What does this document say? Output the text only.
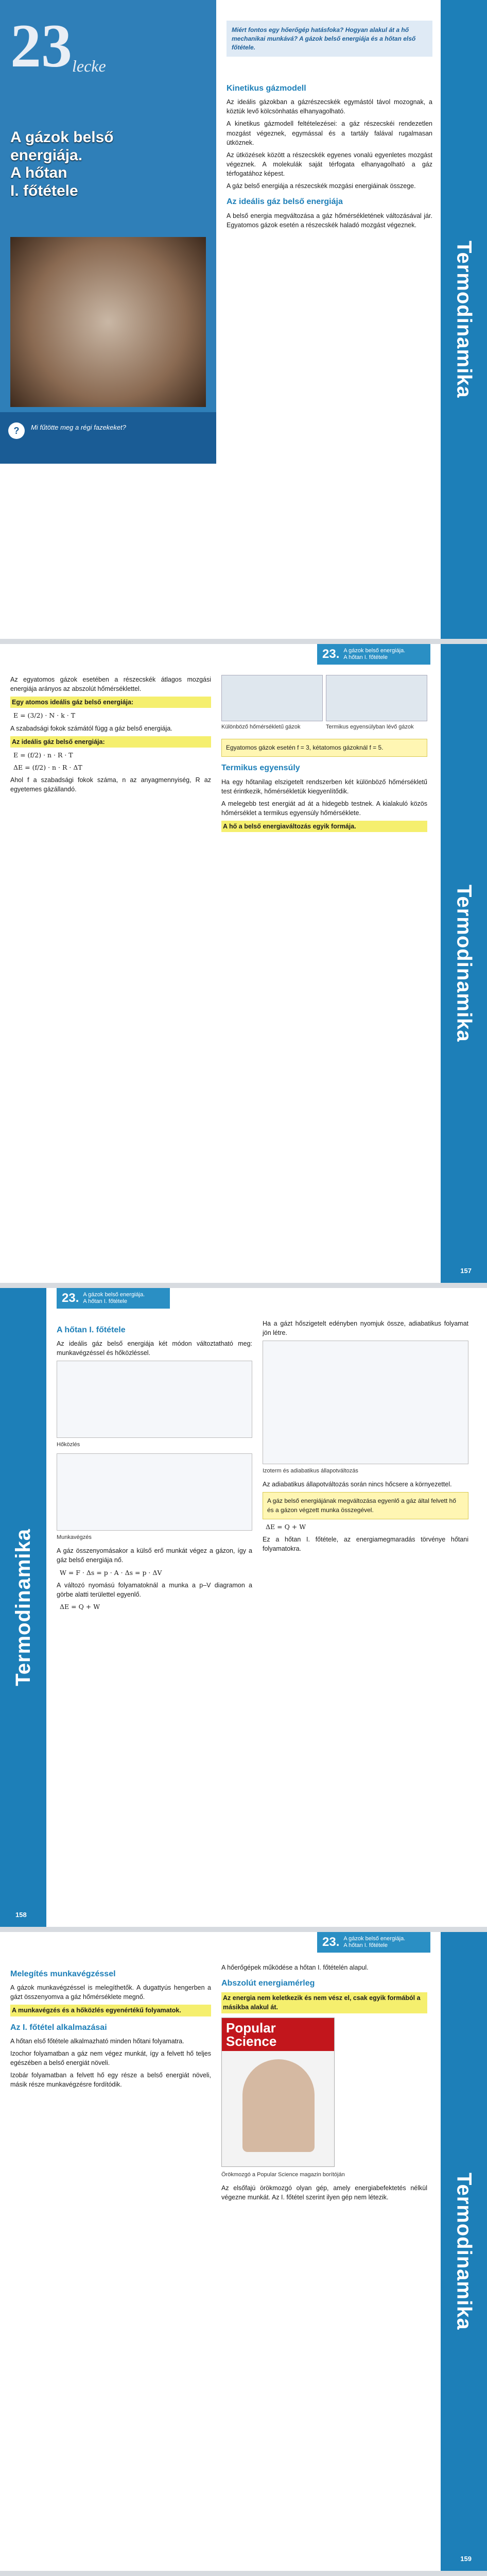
23 lecke
A gázok belső
energiája.
A hőtan
I. főtétele
?	Mi fűtötte meg a régi fazekeket?
Miért fontos egy hőerőgép hatásfoka? Hogyan alakul át a hő mechanikai munkává? A gázok belső energiája és a hőtan első főtétele.
Kinetikus gázmodell

Az ideális gázokban a gázrészecskék egymástól távol mozognak, a köztük levő kölcsönhatás elhanyagolható.

A kinetikus gázmodell feltételezései: a gáz részecskéi rendezetlen mozgást végeznek, egymással és a tartály falával rugalmasan ütköznek.

Az ütközések között a részecskék egyenes vonalú egyenletes mozgást végeznek. A molekulák saját térfogata elhanyagolható a gáz térfogatához képest.

A gáz belső energiája a részecskék mozgási energiáinak összege.

Az ideális gáz belső energiája

A belső energia megváltozása a gáz hőmérsékletének változásával jár. Egyatomos gázok esetén a részecskék haladó mozgást végeznek.

Termodinamika
23. A gázok belső energiája.
A hőtan I. főtétele

Az egyatomos gázok esetében a részecskék átlagos mozgási energiája arányos az abszolút hőmérséklettel.

Egy atomos ideális gáz belső energiája:
E = (3/2) · N · k · T

A szabadsági fokok számától függ a gáz belső energiája.

Az ideális gáz belső energiája:
E = (f/2) · n · R · T
ΔE = (f/2) · n · R · ΔT

Ahol f a szabadsági fokok száma, n az anyagmennyiség, R az egyetemes gázállandó.

Különböző hőmérsékletű gázok	Termikus egyensúlyban lévő gázok
Egyatomos gázok esetén f = 3, kétatomos gázoknál f = 5.
Termikus egyensúly

Ha egy hőtanilag elszigetelt rendszerben két különböző hőmérsékletű test érintkezik, hőmérsékletük kiegyenlítődik.

A melegebb test energiát ad át a hidegebb testnek. A kialakuló közös hőmérséklet a termikus egyensúly hőmérséklete.

A hő a belső energiaváltozás egyik formája.
Termodinamika
157
23. A gázok belső energiája.
A hőtan I. főtétele
Termodinamika
A hőtan I. főtétele

Az ideális gáz belső energiája két módon változtatható meg: munkavégzéssel és hőközléssel.

Hőközlés
Munkavégzés

A gáz összenyomásakor a külső erő munkát végez a gázon, így a gáz belső energiája nő.

W = F · Δs = p · A · Δs = p · ΔV

A változó nyomású folyamatoknál a munka a p–V diagramon a görbe alatti területtel egyenlő.

ΔE = Q + W

Ha a gázt hőszigetelt edényben nyomjuk össze, adiabatikus folyamat jön létre.

Izoterm és adiabatikus állapotváltozás

Az adiabatikus állapotváltozás során nincs hőcsere a környezettel.

A gáz belső energiájának megváltozása egyenlő a gáz által felvett hő és a gázon végzett munka összegével.
ΔE = Q + W

Ez a hőtan I. főtétele, az energiamegmaradás törvénye hőtani folyamatokra.

158
23. A gázok belső energiája.
A hőtan I. főtétele
Melegítés munkavégzéssel

A gázok munkavégzéssel is melegíthetők. A dugattyús hengerben a gázt összenyomva a gáz hőmérséklete megnő.

A munkavégzés és a hőközlés egyenértékű folyamatok.
Az I. főtétel alkalmazásai

A hőtan első főtétele alkalmazható minden hőtani folyamatra.

Izochor folyamatban a gáz nem végez munkát, így a felvett hő teljes egészében a belső energiát növeli.

Izobár folyamatban a felvett hő egy része a belső energiát növeli, másik része munkavégzésre fordítódik.

A hőerőgépek működése a hőtan I. főtételén alapul.

Abszolút energiamérleg
Az energia nem keletkezik és nem vész el, csak egyik formából a másikba alakul át.
Popular Science
Örökmozgó a Popular Science magazin borítóján

Az elsőfajú örökmozgó olyan gép, amely energiabefektetés nélkül végezne munkát. Az I. főtétel szerint ilyen gép nem létezik.	Termodinamika
159
